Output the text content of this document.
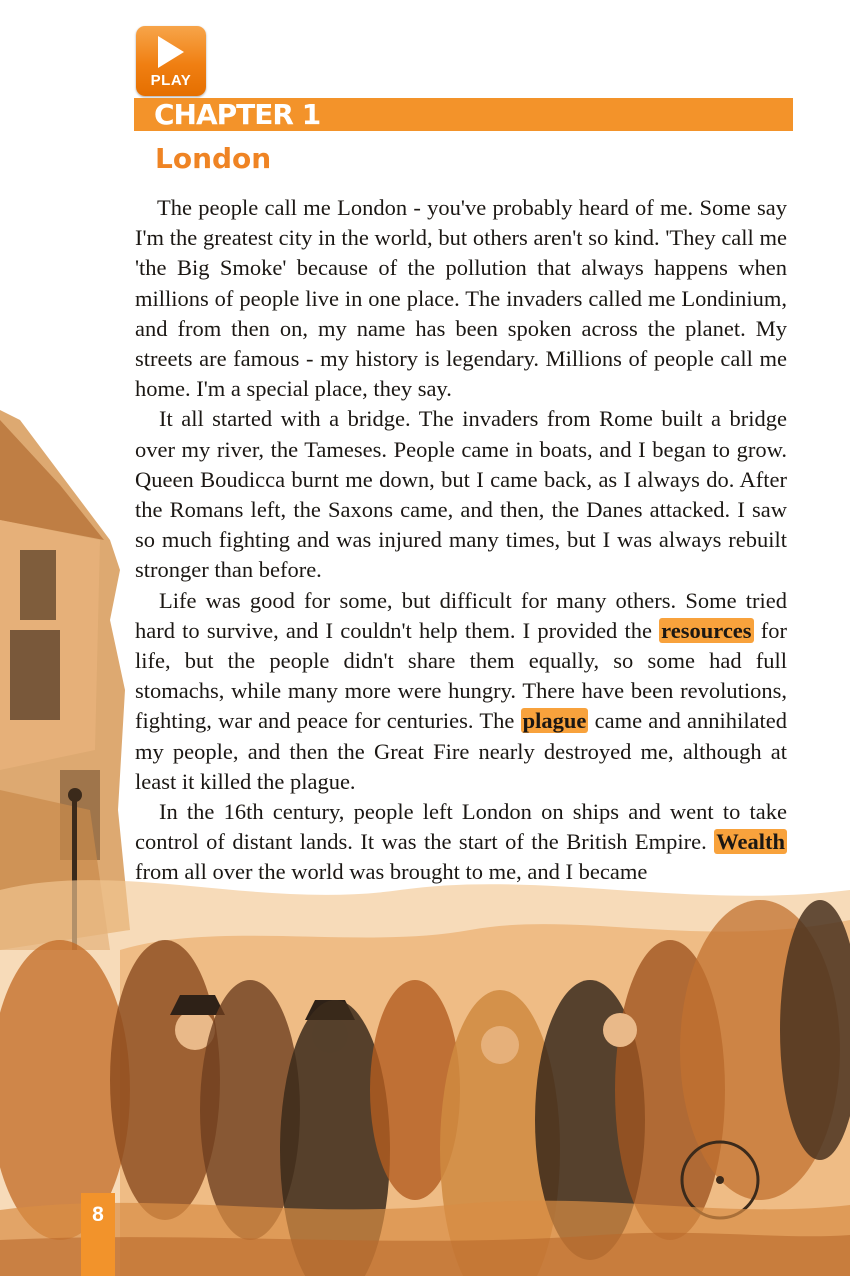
PLAY
CHAPTER 1
London

The people call me London - you've probably heard of me. Some say I'm the greatest city in the world, but others aren't so kind. 'They call me 'the Big Smoke' because of the pollution that always happens when millions of people live in one place. The invaders called me Londinium, and from then on, my name has been spoken across the planet. My streets are famous - my history is legendary. Millions of people call me home. I'm a special place, they say.

It all started with a bridge. The invaders from Rome built a bridge over my river, the Tameses. People came in boats, and I began to grow. Queen Boudicca burnt me down, but I came back, as I always do. After the Romans left, the Saxons came, and then, the Danes attacked. I saw so much fighting and was injured many times, but I was always rebuilt stronger than before.

Life was good for some, but difficult for many others. Some tried hard to survive, and I couldn't help them. I provided the resources for life, but the people didn't share them equally, so some had full stomachs, while many more were hungry. There have been revolutions, fighting, war and peace for centuries. The plague came and annihilated my people, and then the Great Fire nearly destroyed me, although at least it killed the plague.

In the 16th century, people left London on ships and went to take control of distant lands. It was the start of the British Empire. Wealth from all over the world was brought to me, and I became

8
